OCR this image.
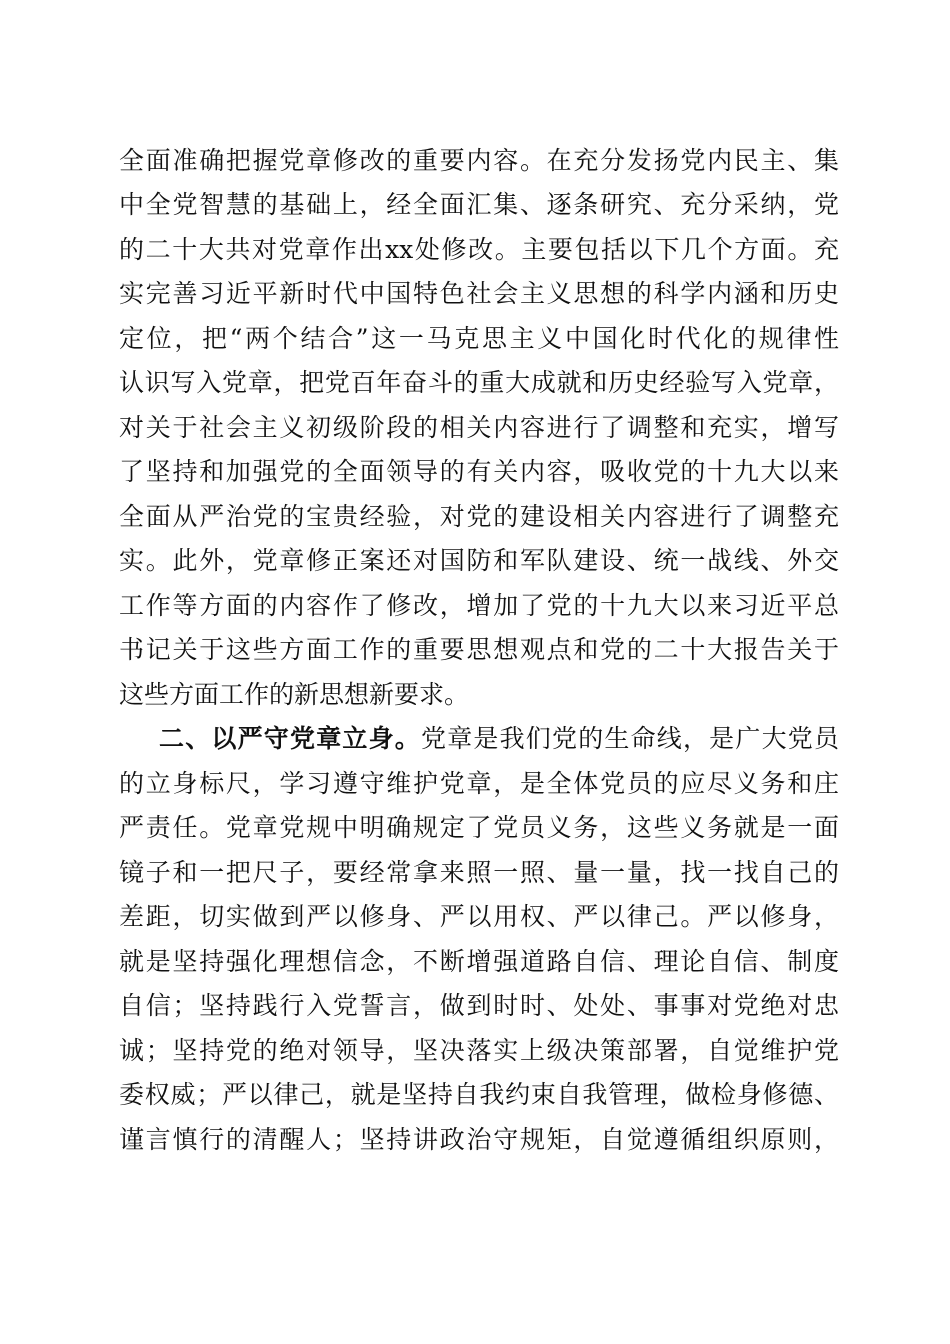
全面准确把握党章修改的重要内容。在充分发扬党内民主、集
中全党智慧的基础上，经全面汇集、逐条研究、充分采纳，党
的二十大共对党章作出xx处修改。主要包括以下几个方面。充
实完善习近平新时代中国特色社会主义思想的科学内涵和历史
定位，把“两个结合”这一马克思主义中国化时代化的规律性
认识写入党章，把党百年奋斗的重大成就和历史经验写入党章，
对关于社会主义初级阶段的相关内容进行了调整和充实，增写
了坚持和加强党的全面领导的有关内容，吸收党的十九大以来
全面从严治党的宝贵经验，对党的建设相关内容进行了调整充
实。此外，党章修正案还对国防和军队建设、统一战线、外交
工作等方面的内容作了修改，增加了党的十九大以来习近平总
书记关于这些方面工作的重要思想观点和党的二十大报告关于
这些方面工作的新思想新要求。
二、以严守党章立身。党章是我们党的生命线，是广大党员
的立身标尺，学习遵守维护党章，是全体党员的应尽义务和庄
严责任。党章党规中明确规定了党员义务，这些义务就是一面
镜子和一把尺子，要经常拿来照一照、量一量，找一找自己的
差距，切实做到严以修身、严以用权、严以律己。严以修身，
就是坚持强化理想信念，不断增强道路自信、理论自信、制度
自信；坚持践行入党誓言，做到时时、处处、事事对党绝对忠
诚；坚持党的绝对领导，坚决落实上级决策部署，自觉维护党
委权威；严以律己，就是坚持自我约束自我管理，做检身修德、
谨言慎行的清醒人；坚持讲政治守规矩，自觉遵循组织原则，
